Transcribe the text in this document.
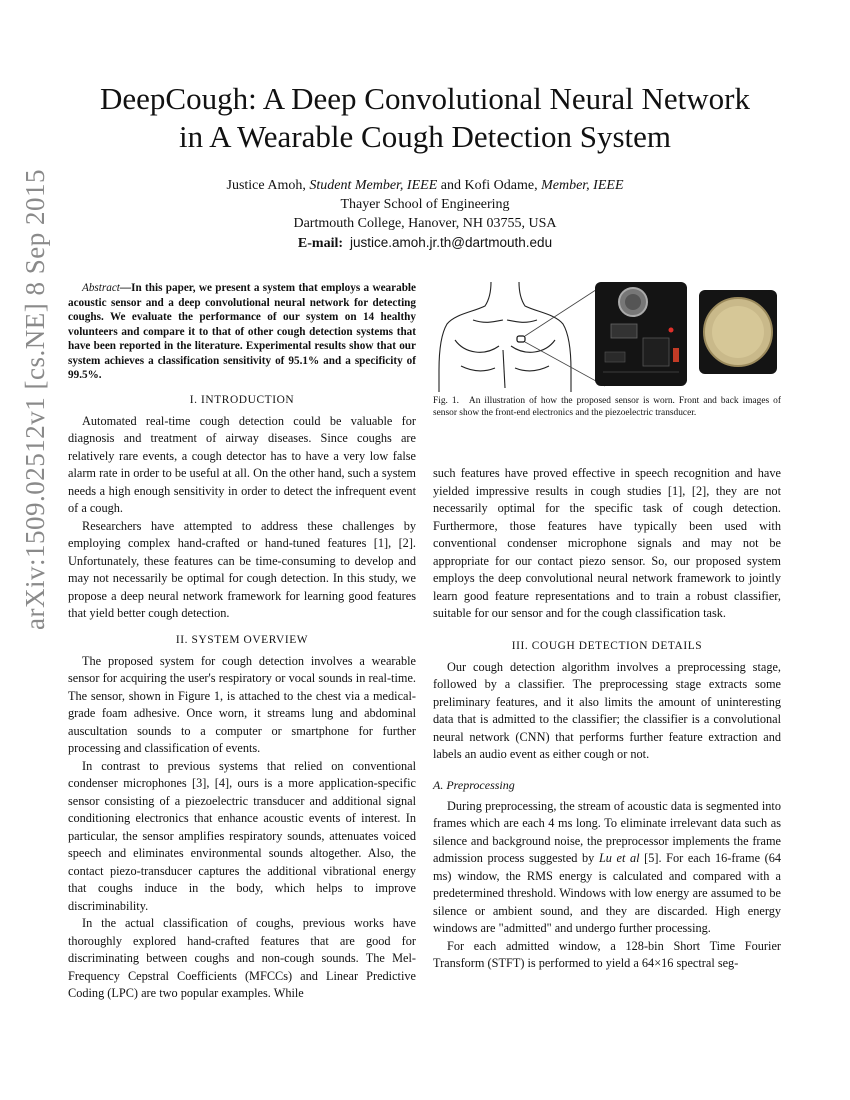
arXiv:1509.02512v1 [cs.NE] 8 Sep 2015
DeepCough: A Deep Convolutional Neural Network
in A Wearable Cough Detection System
Justice Amoh, Student Member, IEEE and Kofi Odame, Member, IEEE
Thayer School of Engineering
Dartmouth College, Hanover, NH 03755, USA
E-mail: justice.amoh.jr.th@dartmouth.edu

Abstract—In this paper, we present a system that employs a wearable acoustic sensor and a deep convolutional neural network for detecting coughs. We evaluate the performance of our system on 14 healthy volunteers and compare it to that of other cough detection systems that have been reported in the literature. Experimental results show that our system achieves a classification sensitivity of 95.1% and a specificity of 99.5%.

I. INTRODUCTION

Automated real-time cough detection could be valuable for diagnosis and treatment of airway diseases. Since coughs are relatively rare events, a cough detector has to have a very low false alarm rate in order to be useful at all. On the other hand, such a system needs a high enough sensitivity in order to detect the infrequent event of a cough.

Researchers have attempted to address these challenges by employing complex hand-crafted or hand-tuned features [1], [2]. Unfortunately, these features can be time-consuming to develop and may not necessarily be optimal for cough detection. In this study, we propose a deep neural network framework for learning good features that yield better cough detection.

II. SYSTEM OVERVIEW

The proposed system for cough detection involves a wearable sensor for acquiring the user's respiratory or vocal sounds in real-time. The sensor, shown in Figure 1, is attached to the chest via a medical-grade foam adhesive. Once worn, it streams lung and abdominal auscultation sounds to a computer or smartphone for further processing and classification of events.

In contrast to previous systems that relied on conventional condenser microphones [3], [4], ours is a more application-specific sensor consisting of a piezoelectric transducer and additional signal conditioning electronics that enhance acoustic events of interest. In particular, the sensor amplifies respiratory sounds, attenuates voiced speech and eliminates environmental sounds altogether. Also, the contact piezo-transducer captures the additional vibrational energy that coughs induce in the body, which helps to improve discriminability.

In the actual classification of coughs, previous works have thoroughly explored hand-crafted features that are good for discriminating between coughs and non-cough sounds. The Mel-Frequency Cepstral Coefficients (MFCCs) and Linear Predictive Coding (LPC) are two popular examples. While

Fig. 1. An illustration of how the proposed sensor is worn. Front and back images of sensor show the front-end electronics and the piezoelectric transducer.

such features have proved effective in speech recognition and have yielded impressive results in cough studies [1], [2], they are not necessarily optimal for the specific task of cough detection. Furthermore, those features have typically been used with conventional condenser microphone signals and may not be appropriate for our contact piezo sensor. So, our proposed system employs the deep convolutional neural network framework to jointly learn good feature representations and to train a robust classifier, suitable for our sensor and for the cough classification task.

III. COUGH DETECTION DETAILS

Our cough detection algorithm involves a preprocessing stage, followed by a classifier. The preprocessing stage extracts some preliminary features, and it also limits the amount of uninteresting data that is admitted to the classifier; the classifier is a convolutional neural network (CNN) that performs further feature extraction and labels an audio event as either cough or not.

A. Preprocessing

During preprocessing, the stream of acoustic data is segmented into frames which are each 4 ms long. To eliminate irrelevant data such as silence and background noise, the preprocessor implements the frame admission process suggested by Lu et al [5]. For each 16-frame (64 ms) window, the RMS energy is calculated and compared with a predetermined threshold. Windows with low energy are assumed to be silence or ambient sound, and they are discarded. High energy windows are "admitted" and undergo further processing.

For each admitted window, a 128-bin Short Time Fourier Transform (STFT) is performed to yield a 64×16 spectral seg-
